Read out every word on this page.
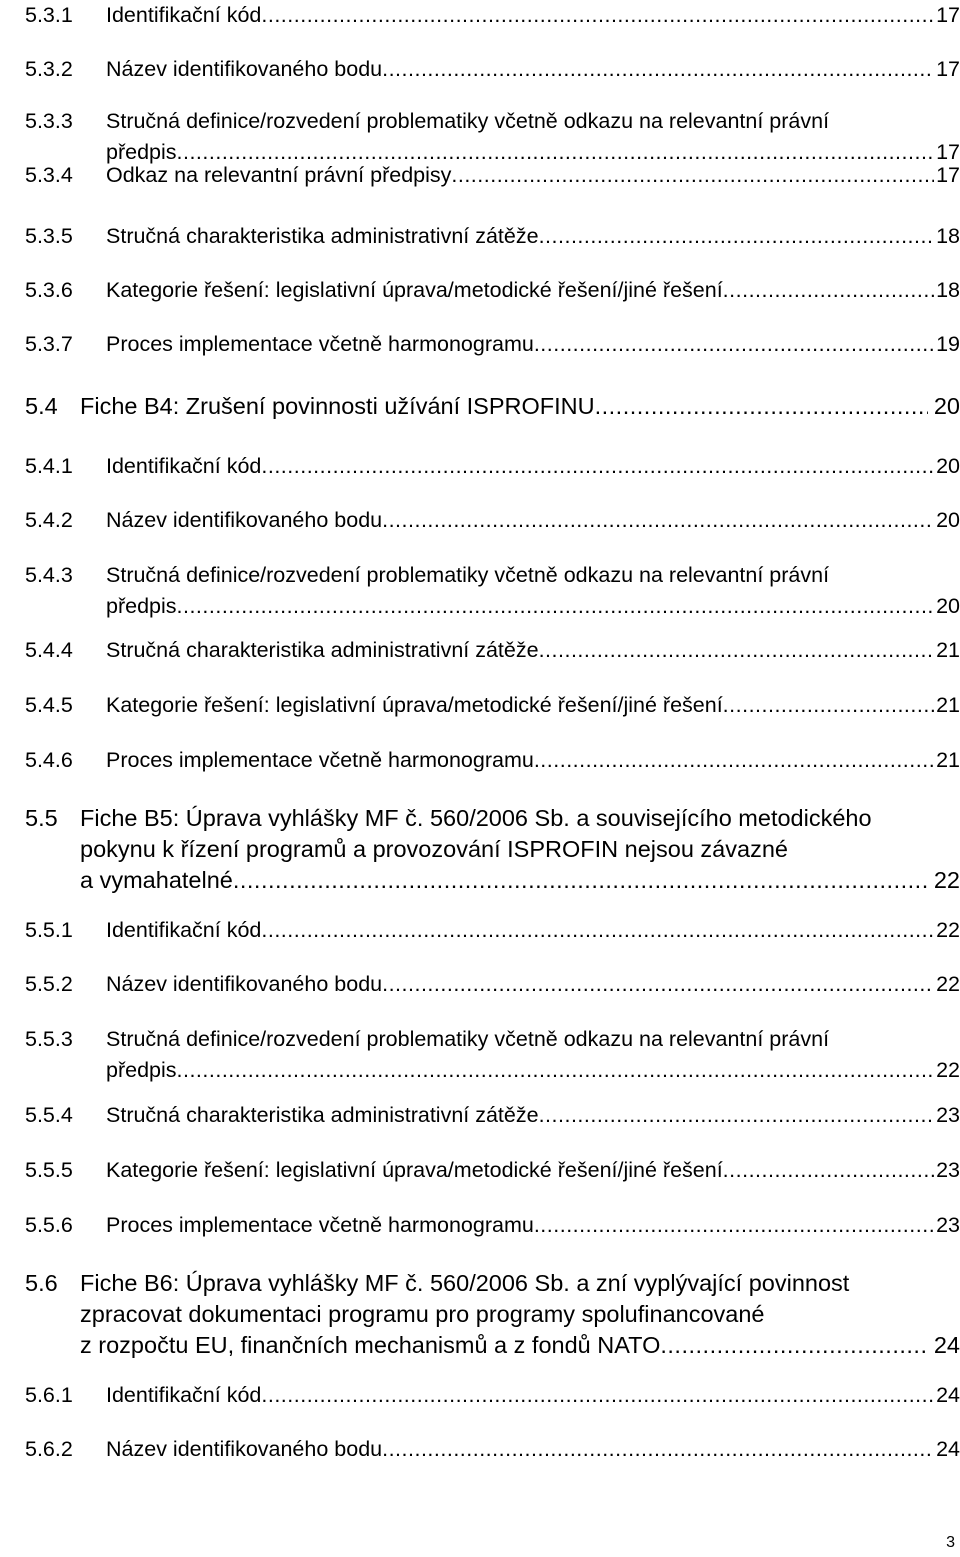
5.3.1 Identifikační kód .....	17
5.3.2 Název identifikovaného bodu .....	17
5.3.3 Stručná definice/rozvedení problematiky včetně odkazu na relevantní právní
předpis .....	17
5.3.4 Odkaz na relevantní právní předpisy .....	17
5.3.5 Stručná charakteristika administrativní zátěže .....	18
5.3.6 Kategorie řešení: legislativní úprava/metodické řešení/jiné řešení .....	18
5.3.7 Proces implementace včetně harmonogramu .....	19
5.4 Fiche B4: Zrušení povinnosti užívání ISPROFINU .....	20
5.4.1 Identifikační kód .....	20
5.4.2 Název identifikovaného bodu .....	20
5.4.3 Stručná definice/rozvedení problematiky včetně odkazu na relevantní právní
předpis .....	20
5.4.4 Stručná charakteristika administrativní zátěže .....	21
5.4.5 Kategorie řešení: legislativní úprava/metodické řešení/jiné řešení .....	21
5.4.6 Proces implementace včetně harmonogramu .....	21
5.5 Fiche B5: Úprava vyhlášky MF č. 560/2006 Sb. a souvisejícího metodického
pokynu k řízení programů a provozování ISPROFIN nejsou závazné
a vymahatelné .....	22
5.5.1 Identifikační kód .....	22
5.5.2 Název identifikovaného bodu .....	22
5.5.3 Stručná definice/rozvedení problematiky včetně odkazu na relevantní právní
předpis .....	22
5.5.4 Stručná charakteristika administrativní zátěže .....	23
5.5.5 Kategorie řešení: legislativní úprava/metodické řešení/jiné řešení .....	23
5.5.6 Proces implementace včetně harmonogramu .....	23
5.6 Fiche B6: Úprava vyhlášky MF č. 560/2006 Sb. a zní vyplývající povinnost
zpracovat dokumentaci programu pro programy spolufinancované
z rozpočtu EU, finančních mechanismů a z fondů NATO .....	24
5.6.1 Identifikační kód .....	24
5.6.2 Název identifikovaného bodu .....	24
3
